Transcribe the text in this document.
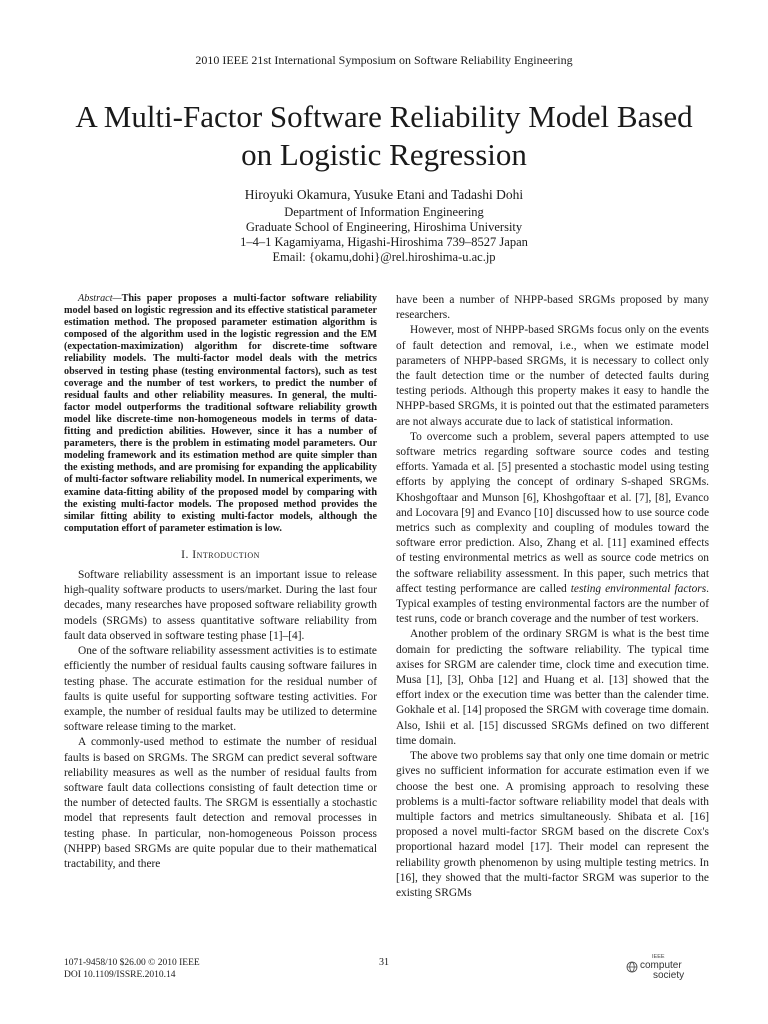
2010 IEEE 21st International Symposium on Software Reliability Engineering
A Multi-Factor Software Reliability Model Based
on Logistic Regression
Hiroyuki Okamura, Yusuke Etani and Tadashi Dohi
Department of Information Engineering
Graduate School of Engineering, Hiroshima University
1–4–1 Kagamiyama, Higashi-Hiroshima 739–8527 Japan
Email: {okamu,dohi}@rel.hiroshima-u.ac.jp

Abstract—This paper proposes a multi-factor software reliability model based on logistic regression and its effective statistical parameter estimation method. The proposed parameter estimation algorithm is composed of the algorithm used in the logistic regression and the EM (expectation-maximization) algorithm for discrete-time software reliability models. The multi-factor model deals with the metrics observed in testing phase (testing environmental factors), such as test coverage and the number of test workers, to predict the number of residual faults and other reliability measures. In general, the multi-factor model outperforms the traditional software reliability growth model like discrete-time non-homogeneous models in terms of data-fitting and prediction abilities. However, since it has a number of parameters, there is the problem in estimating model parameters. Our modeling framework and its estimation method are quite simpler than the existing methods, and are promising for expanding the applicability of multi-factor software reliability model. In numerical experiments, we examine data-fitting ability of the proposed model by comparing with the existing multi-factor models. The proposed method provides the similar fitting ability to existing multi-factor models, although the computation effort of parameter estimation is low.

I. Introduction

Software reliability assessment is an important issue to release high-quality software products to users/market. During the last four decades, many researches have proposed software reliability growth models (SRGMs) to assess quantitative software reliability from fault data observed in software testing phase [1]–[4].

One of the software reliability assessment activities is to estimate efficiently the number of residual faults causing software failures in testing phase. The accurate estimation for the residual number of faults is quite useful for supporting software testing activities. For example, the number of residual faults may be utilized to determine software release timing to the market.

A commonly-used method to estimate the number of residual faults is based on SRGMs. The SRGM can predict several software reliability measures as well as the number of residual faults from software fault data collections consisting of fault detection time or the number of detected faults. The SRGM is essentially a stochastic model that represents fault detection and removal processes in testing phase. In particular, non-homogeneous Poisson process (NHPP) based SRGMs are quite popular due to their mathematical tractability, and there

have been a number of NHPP-based SRGMs proposed by many researchers.

However, most of NHPP-based SRGMs focus only on the events of fault detection and removal, i.e., when we estimate model parameters of NHPP-based SRGMs, it is necessary to collect only the fault detection time or the number of detected faults during testing periods. Although this property makes it easy to handle the NHPP-based SRGMs, it is pointed out that the estimated parameters are not always accurate due to lack of statistical information.

To overcome such a problem, several papers attempted to use software metrics regarding software source codes and testing efforts. Yamada et al. [5] presented a stochastic model using testing efforts by applying the concept of ordinary S-shaped SRGMs. Khoshgoftaar and Munson [6], Khoshgoftaar et al. [7], [8], Evanco and Locovara [9] and Evanco [10] discussed how to use source code metrics such as complexity and coupling of modules toward the software error prediction. Also, Zhang et al. [11] examined effects of testing environmental metrics as well as source code metrics on the software reliability assessment. In this paper, such metrics that affect testing performance are called testing environmental factors. Typical examples of testing environmental factors are the number of test runs, code or branch coverage and the number of test workers.

Another problem of the ordinary SRGM is what is the best time domain for predicting the software reliability. The typical time axises for SRGM are calender time, clock time and execution time. Musa [1], [3], Ohba [12] and Huang et al. [13] showed that the effort index or the execution time was better than the calender time. Gokhale et al. [14] proposed the SRGM with coverage time domain. Also, Ishii et al. [15] discussed SRGMs defined on two different time domain.

The above two problems say that only one time domain or metric gives no sufficient information for accurate estimation even if we choose the best one. A promising approach to resolving these problems is a multi-factor software reliability model that deals with multiple factors and metrics simultaneously. Shibata et al. [16] proposed a novel multi-factor SRGM based on the discrete Cox's proportional hazard model [17]. Their model can represent the reliability growth phenomenon by using multiple testing metrics. In [16], they showed that the multi-factor SRGM was superior to the existing SRGMs

1071-9458/10 $26.00 © 2010 IEEE
DOI 10.1109/ISSRE.2010.14
31	IEEE
computer
society
